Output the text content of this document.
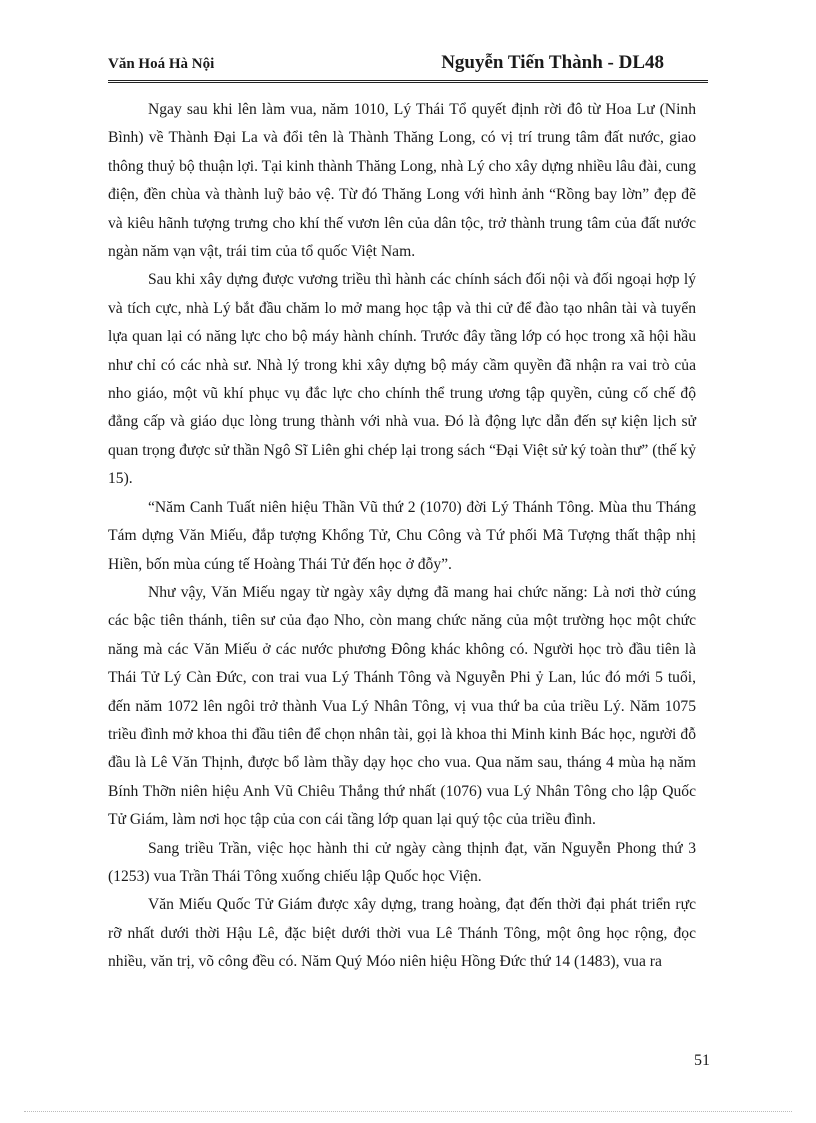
Văn Hoá Hà Nội	Nguyễn Tiến Thành - DL48

Ngay sau khi lên làm vua, năm 1010, Lý Thái Tổ quyết định rời đô từ Hoa Lư (Ninh Bình) về Thành Đại La và đổi tên là Thành Thăng Long, có vị trí trung tâm đất nước, giao thông thuỷ bộ thuận lợi. Tại kinh thành Thăng Long, nhà Lý cho xây dựng nhiều lâu đài, cung điện, đền chùa và thành luỹ bảo vệ. Từ đó Thăng Long với hình ảnh “Rồng bay lờn” đẹp đẽ và kiêu hãnh tượng trưng cho khí thế vươn lên của dân tộc, trở thành trung tâm của đất nước ngàn năm vạn vật, trái tim của tổ quốc Việt Nam.

Sau khi xây dựng được vương triều thì hành các chính sách đối nội và đối ngoại hợp lý và tích cực, nhà Lý bắt đầu chăm lo mở mang học tập và thi cử để đào tạo nhân tài và tuyển lựa quan lại có năng lực cho bộ máy hành chính. Trước đây tầng lớp có học trong xã hội hầu như chỉ có các nhà sư. Nhà lý trong khi xây dựng bộ máy cầm quyền đã nhận ra vai trò của nho giáo, một vũ khí phục vụ đắc lực cho chính thể trung ương tập quyền, củng cố chế độ đẳng cấp và giáo dục lòng trung thành với nhà vua. Đó là động lực dẫn đến sự kiện lịch sử quan trọng được sử thần Ngô Sĩ Liên ghi chép lại trong sách “Đại Việt sử ký toàn thư” (thế kỷ 15).

“Năm Canh Tuất niên hiệu Thần Vũ thứ 2 (1070) đời Lý Thánh Tông. Mùa thu Tháng Tám dựng Văn Miếu, đắp tượng Khổng Tử, Chu Công và Tứ phối Mã Tượng thất thập nhị Hiền, bốn mùa cúng tế Hoàng Thái Tử đến học ở đỗy”.

Như vậy, Văn Miếu ngay từ ngày xây dựng đã mang hai chức năng: Là nơi thờ cúng các bậc tiên thánh, tiên sư của đạo Nho, còn mang chức năng của một trường học một chức năng mà các Văn Miếu ở các nước phương Đông khác không có. Người học trò đầu tiên là Thái Tử Lý Càn Đức, con trai vua Lý Thánh Tông và Nguyễn Phi ỷ Lan, lúc đó mới 5 tuổi, đến năm 1072 lên ngôi trở thành Vua Lý Nhân Tông, vị vua thứ ba của triều Lý. Năm 1075 triều đình mở khoa thi đầu tiên để chọn nhân tài, gọi là khoa thi Minh kinh Bác học, người đỗ đầu là Lê Văn Thịnh, được bổ làm thầy dạy học cho vua. Qua năm sau, tháng 4 mùa hạ năm Bính Thỡn niên hiệu Anh Vũ Chiêu Thắng thứ nhất (1076) vua Lý Nhân Tông cho lập Quốc Tử Giám, làm nơi học tập của con cái tầng lớp quan lại quý tộc của triều đình.

Sang triều Trần, việc học hành thi cử ngày càng thịnh đạt, văn Nguyễn Phong thứ 3 (1253) vua Trần Thái Tông xuống chiếu lập Quốc học Viện.

Văn Miếu Quốc Tử Giám được xây dựng, trang hoàng, đạt đến thời đại phát triển rực rỡ nhất dưới thời Hậu Lê, đặc biệt dưới thời vua Lê Thánh Tông, một ông học rộng, đọc nhiều, văn trị, võ công đều có. Năm Quý Móo niên hiệu Hồng Đức thứ 14 (1483), vua ra

51
